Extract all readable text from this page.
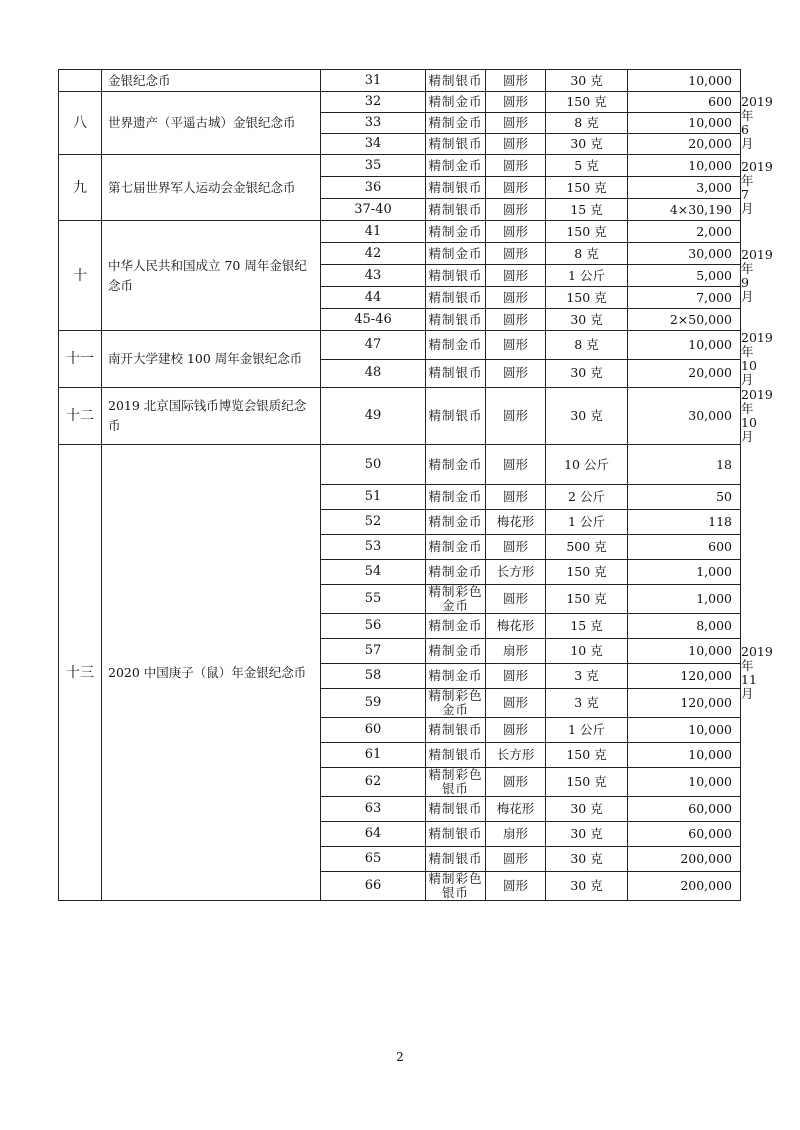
	金银纪念币	31	精制银币	圆形	30 克	10,000	
八	世界遗产（平遥古城）金银纪念币	32	精制金币	圆形	150 克	600	2019 年 6 月
		33	精制金币	圆形	8 克	10,000	
		34	精制银币	圆形	30 克	20,000	
九	第七届世界军人运动会金银纪念币	35	精制金币	圆形	5 克	10,000	2019 年 7 月
		36	精制银币	圆形	150 克	3,000	
		37-40	精制银币	圆形	15 克	4×30,190	
十	中华人民共和国成立 70 周年金银纪念币	41	精制金币	圆形	150 克	2,000	2019 年 9 月
		42	精制金币	圆形	8 克	30,000	
		43	精制银币	圆形	1 公斤	5,000	
		44	精制银币	圆形	150 克	7,000	
		45-46	精制银币	圆形	30 克	2×50,000	
十一	南开大学建校 100 周年金银纪念币	47	精制金币	圆形	8 克	10,000	2019 年 10 月
		48	精制银币	圆形	30 克	20,000	
十二	2019 北京国际钱币博览会银质纪念币	49	精制银币	圆形	30 克	30,000	2019 年 10 月
十三	2020 中国庚子（鼠）年金银纪念币	50	精制金币	圆形	10 公斤	18	2019 年 11 月
		51	精制金币	圆形	2 公斤	50	
		52	精制金币	梅花形	1 公斤	118	
		53	精制金币	圆形	500 克	600	
		54	精制金币	长方形	150 克	1,000	
		55	精制彩色金币	圆形	150 克	1,000	
		56	精制金币	梅花形	15 克	8,000	
		57	精制金币	扇形	10 克	10,000	
		58	精制金币	圆形	3 克	120,000	
		59	精制彩色金币	圆形	3 克	120,000	
		60	精制银币	圆形	1 公斤	10,000	
		61	精制银币	长方形	150 克	10,000	
		62	精制彩色银币	圆形	150 克	10,000	
		63	精制银币	梅花形	30 克	60,000	
		64	精制银币	扇形	30 克	60,000	
		65	精制银币	圆形	30 克	200,000	
		66	精制彩色银币	圆形	30 克	200,000	
2
